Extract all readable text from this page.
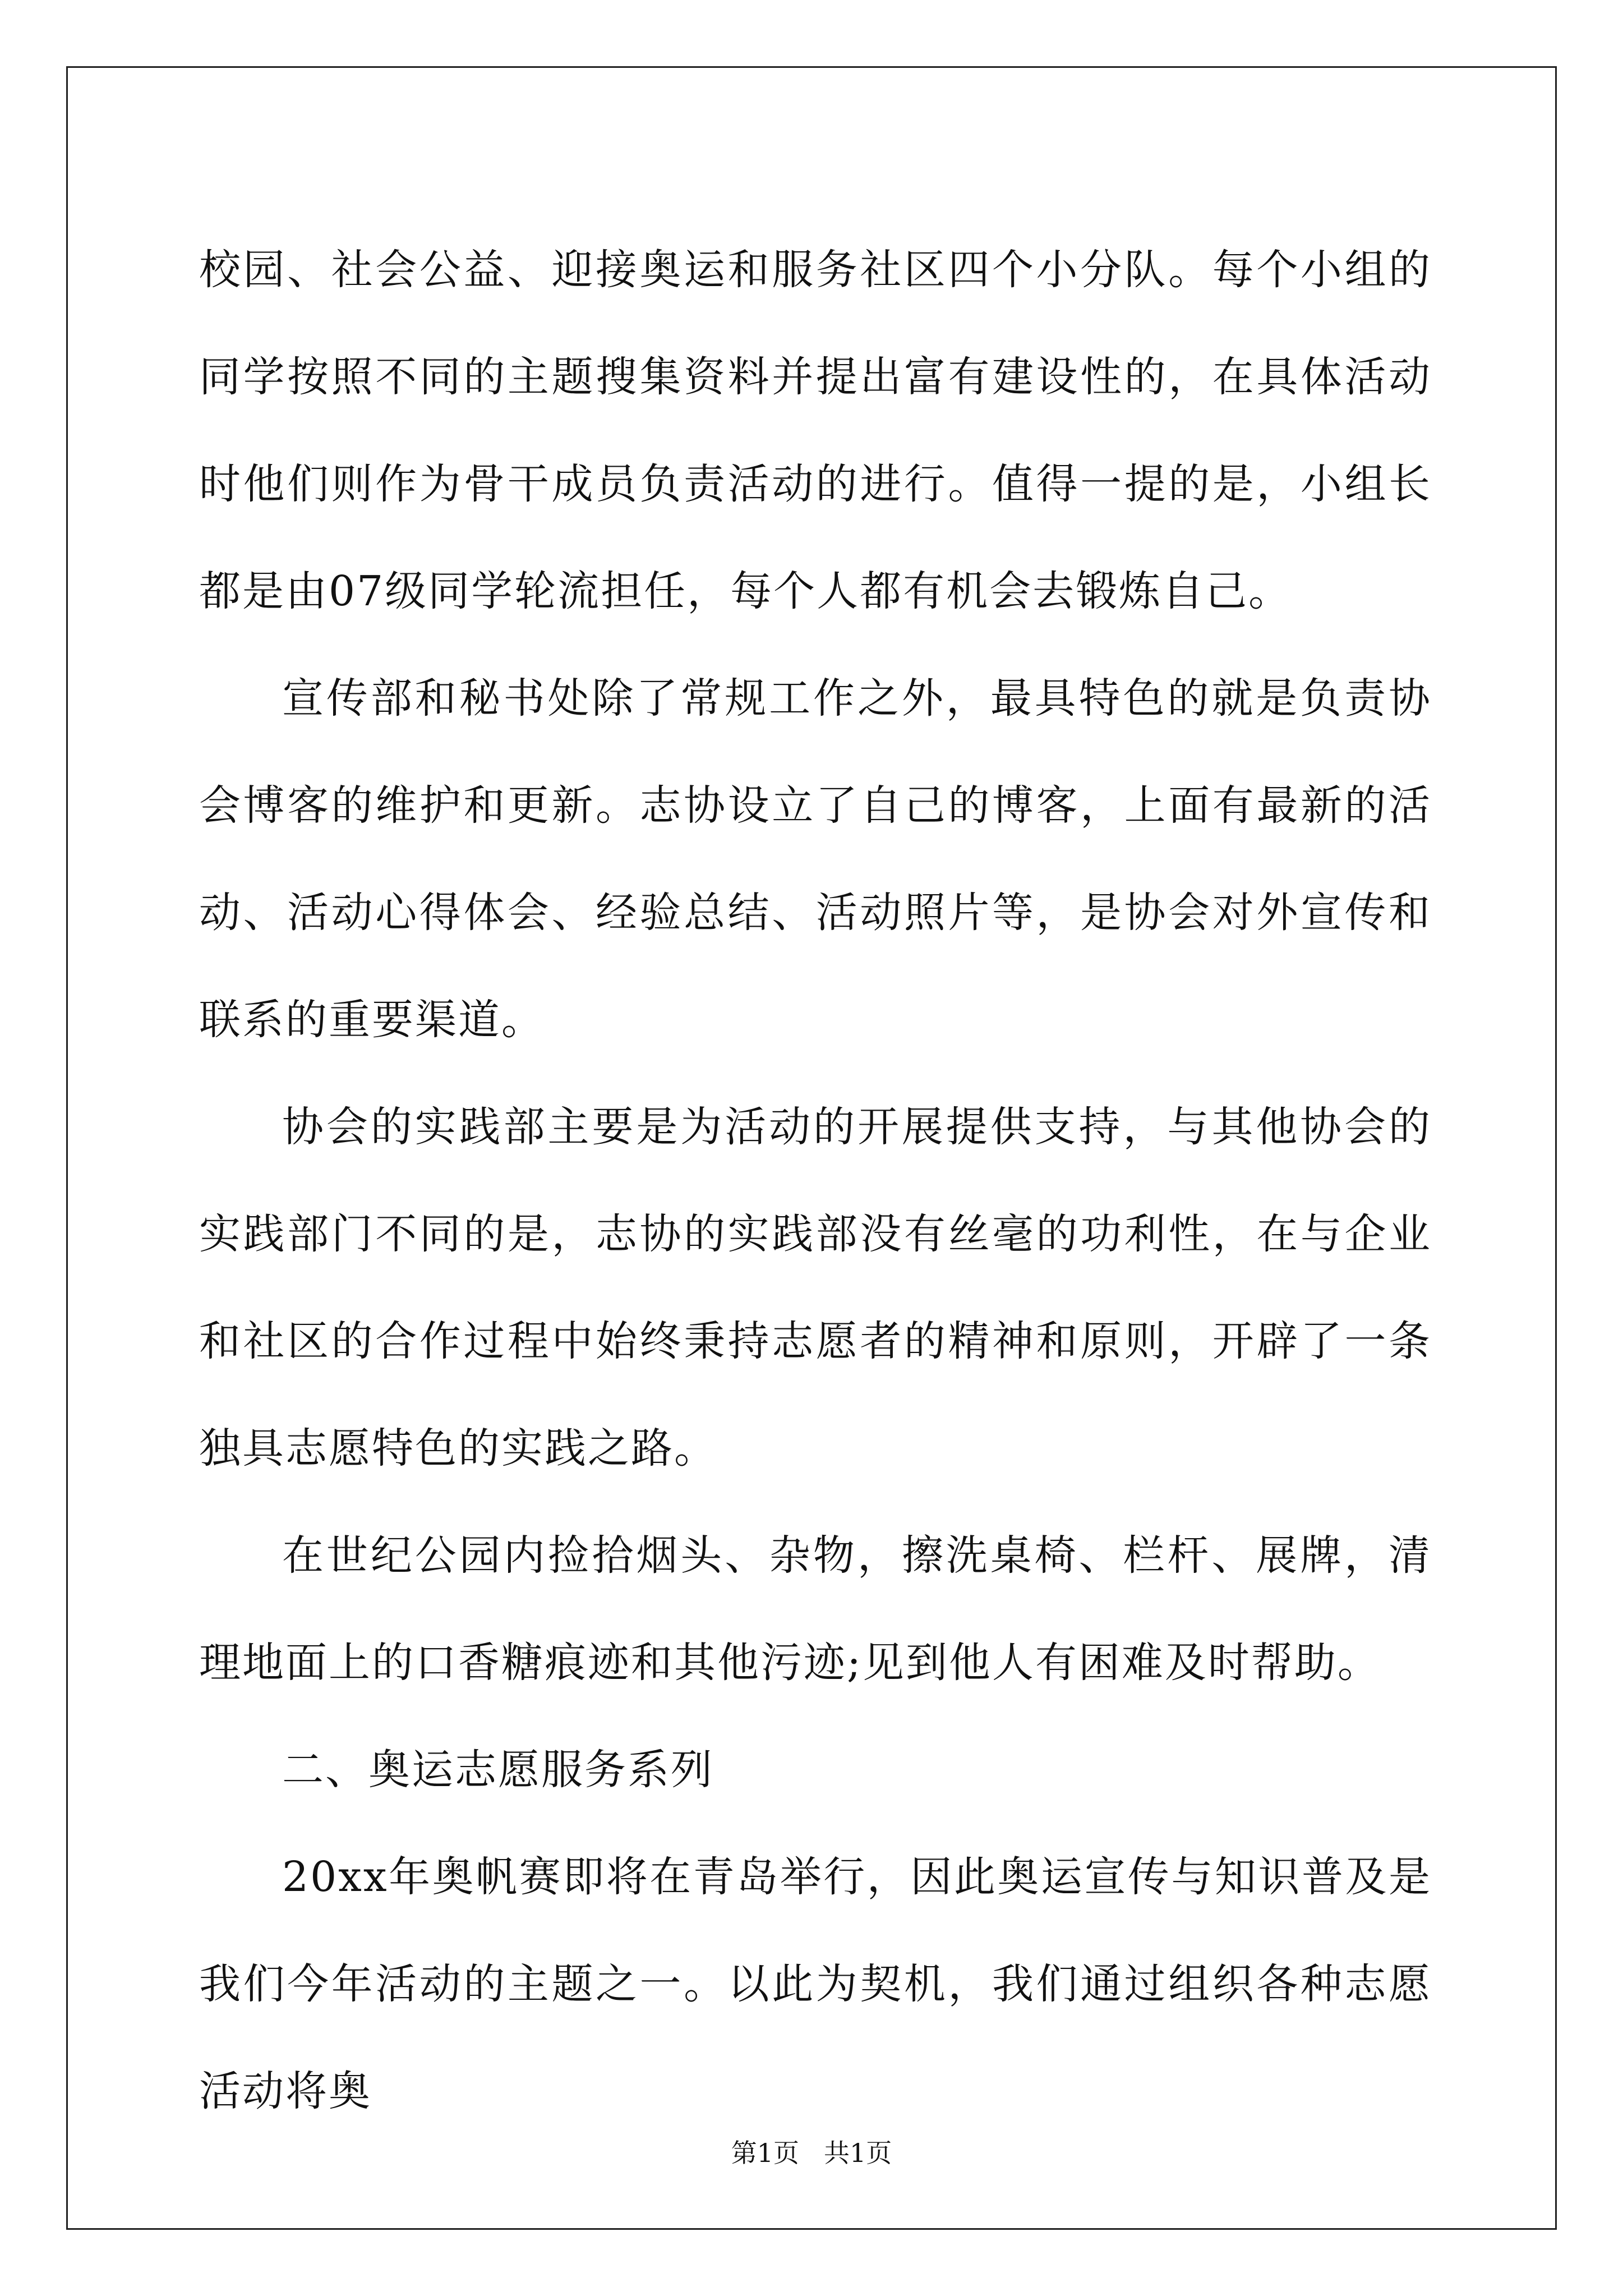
校园、社会公益、迎接奥运和服务社区四个小分队。每个小组的同学按照不同的主题搜集资料并提出富有建设性的，在具体活动时他们则作为骨干成员负责活动的进行。值得一提的是，小组长都是由07级同学轮流担任，每个人都有机会去锻炼自己。

宣传部和秘书处除了常规工作之外，最具特色的就是负责协会博客的维护和更新。志协设立了自己的博客，上面有最新的活动、活动心得体会、经验总结、活动照片等，是协会对外宣传和联系的重要渠道。

协会的实践部主要是为活动的开展提供支持，与其他协会的实践部门不同的是，志协的实践部没有丝毫的功利性，在与企业和社区的合作过程中始终秉持志愿者的精神和原则，开辟了一条独具志愿特色的实践之路。

在世纪公园内捡拾烟头、杂物，擦洗桌椅、栏杆、展牌，清理地面上的口香糖痕迹和其他污迹;见到他人有困难及时帮助。

二、奥运志愿服务系列

20xx年奥帆赛即将在青岛举行，因此奥运宣传与知识普及是我们今年活动的主题之一。以此为契机，我们通过组织各种志愿活动将奥

第1页 共1页
